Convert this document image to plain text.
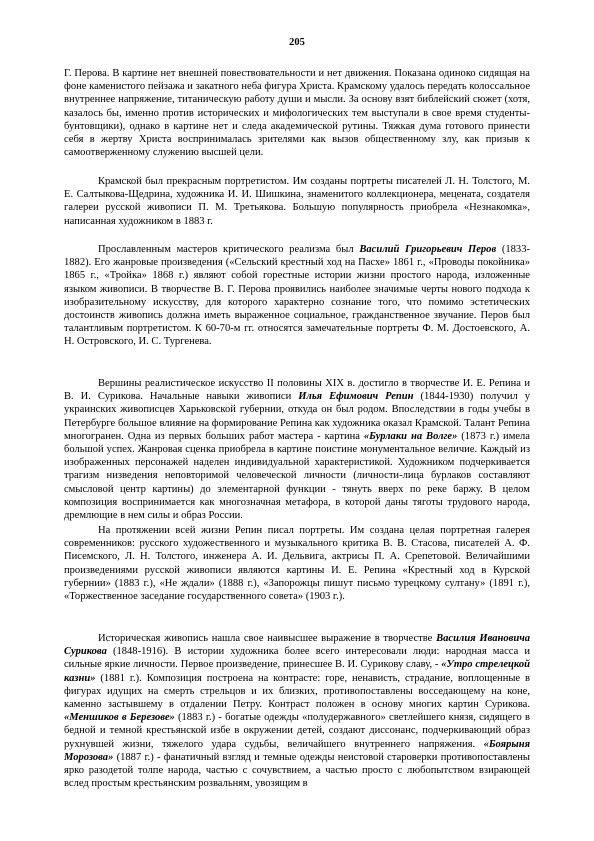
205

Г. Перова. В картине нет внешней повествовательности и нет движения. Показана одиноко сидящая на фоне каменистого пейзажа и закатного неба фигура Христа. Крамскому удалось передать колоссальное внутреннее напряжение, титаническую работу души и мысли. За основу взят библейский сюжет (хотя, казалось бы, именно против исторических и мифологических тем выступали в свое время студенты-бунтовщики), однако в картине нет и следа академической рутины. Тяжкая дума готового принести себя в жертву Христа воспринималась зрителями как вызов общественному злу, как призыв к самоотверженному служению высшей цели.

Крамской был прекрасным портретистом. Им созданы портреты писателей Л. Н. Толстого, М. Е. Салтыкова-Щедрина, художника И. И. Шишкина, знаменитого коллекционера, мецената, создателя галереи русской живописи П. М. Третьякова. Большую популярность приобрела «Незнакомка», написанная художником в 1883 г.

Прославленным мастеров критического реализма был Василий Григорьевич Перов (1833-1882). Его жанровые произведения («Сельский крестный ход на Пасхе» 1861 г., «Проводы покойника» 1865 г., «Тройка» 1868 г.) являют собой горестные истории жизни простого народа, изложенные языком живописи. В творчестве В. Г. Перова проявились наиболее значимые черты нового подхода к изобразительному искусству, для которого характерно сознание того, что помимо эстетических достоинств живопись должна иметь выраженное социальное, гражданственное звучание. Перов был талантливым портретистом. К 60-70-м гг. относятся замечательные портреты Ф. М. Достоевского, А. Н. Островского, И. С. Тургенева.

Вершины реалистическое искусство II половины XIX в. достигло в творчестве И. Е. Репина и В. И. Сурикова. Начальные навыки живописи Илья Ефимович Репин (1844-1930) получил у украинских живописцев Харьковской губернии, откуда он был родом. Впоследствии в годы учебы в Петербурге большое влияние на формирование Репина как художника оказал Крамской. Талант Репина многогранен. Одна из первых больших работ мастера - картина «Бурлаки на Волге» (1873 г.) имела большой успех. Жанровая сценка приобрела в картине поистине монументальное величие. Каждый из изображенных персонажей наделен индивидуальной характеристикой. Художником подчеркивается трагизм низведения неповторимой человеческой личности (личности-лица бурлаков составляют смысловой центр картины) до элементарной функции - тянуть вверх по реке баржу. В целом композиция воспринимается как многозначная метафора, в которой даны тяготы трудового народа, дремлющие в нем силы и образ России.

На протяжении всей жизни Репин писал портреты. Им создана целая портретная галерея современников: русского художественного и музыкального критика В. В. Стасова, писателей А. Ф. Писемского, Л. Н. Толстого, инженера А. И. Дельвига, актрисы П. А. Срепетовой. Величайшими произведениями русской живописи являются картины И. Е. Репина «Крестный ход в Курской губернии» (1883 г.), «Не ждали» (1888 г.), «Запорожцы пишут письмо турецкому султану» (1891 г.), «Торжественное заседание государственного совета» (1903 г.).

Историческая живопись нашла свое наивысшее выражение в творчестве Василия Ивановича Сурикова (1848-1916). В истории художника более всего интересовали люди: народная масса и сильные яркие личности. Первое произведение, принесшее В. И. Сурикову славу, - «Утро стрелецкой казни» (1881 г.). Композиция построена на контрасте: горе, ненависть, страдание, воплощенные в фигурах идущих на смерть стрельцов и их близких, противопоставлены восседающему на коне, каменно застывшему в отдалении Петру. Контраст положен в основу многих картин Сурикова. «Меншиков в Березове» (1883 г.) - богатые одежды «полудержавного» светлейшего князя, сидящего в бедной и темной крестьянской избе в окружении детей, создают диссонанс, подчеркивающий образ рухнувшей жизни, тяжелого удара судьбы, величайшего внутреннего напряжения. «Боярыня Морозова» (1887 г.) - фанатичный взгляд и темные одежды неистовой староверки противопоставлены ярко разодетой толпе народа, частью с сочувствием, а частью просто с любопытством взирающей вслед простым крестьянским розвальням, увозящим в
